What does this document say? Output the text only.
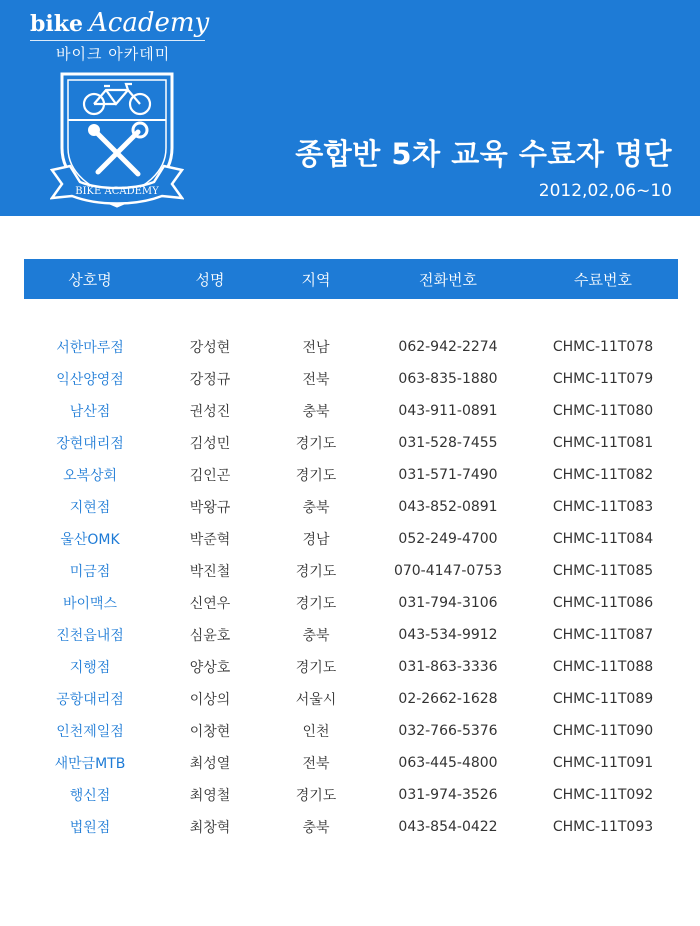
bike Academy
바이크 아카데미
BIKE ACADEMY
종합반 5차 교육 수료자 명단
2012,02,06~10
상호명	성명	지역	전화번호	수료번호

서한마루점	강성현	전남	062-942-2274	CHMC-11T078
익산양영점	강정규	전북	063-835-1880	CHMC-11T079
남산점	권성진	충북	043-911-0891	CHMC-11T080
장현대리점	김성민	경기도	031-528-7455	CHMC-11T081
오복상회	김인곤	경기도	031-571-7490	CHMC-11T082
지현점	박왕규	충북	043-852-0891	CHMC-11T083
울산OMK	박준혁	경남	052-249-4700	CHMC-11T084
미금점	박진철	경기도	070-4147-0753	CHMC-11T085
바이맥스	신연우	경기도	031-794-3106	CHMC-11T086
진천읍내점	심윤호	충북	043-534-9912	CHMC-11T087
지행점	양상호	경기도	031-863-3336	CHMC-11T088
공항대리점	이상의	서울시	02-2662-1628	CHMC-11T089
인천제일점	이창현	인천	032-766-5376	CHMC-11T090
새만금MTB	최성열	전북	063-445-4800	CHMC-11T091
행신점	최영철	경기도	031-974-3526	CHMC-11T092
법원점	최창혁	충북	043-854-0422	CHMC-11T093
